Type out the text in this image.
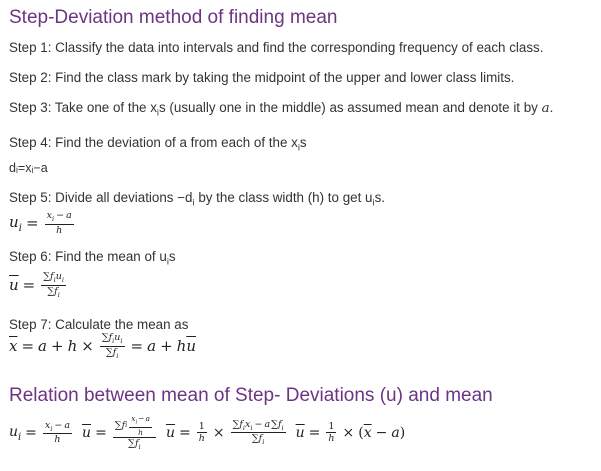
Step-Deviation method of finding mean

Step 1: Classify the data into intervals and find the corresponding frequency of each class.

Step 2: Find the class mark by taking the midpoint of the upper and lower class limits.

Step 3: Take one of the $x_is$ (usually one in the middle) as assumed mean and denote it by a.

Step 4: Find the deviation of a from each of the $x_is$

dᵢ=xᵢ−a

Step 5: Divide all deviations $-d_i$ by the class width (h) to get $u_is$.

$u_i = \frac{x_i - a}{h}$

Step 6: Find the mean of $u_is$

$\overline{u} = \frac{\sum f_iu_i}{\sum f_i}$

Step 7: Calculate the mean as

$\overline{x} = a + h \times \frac{\sum f_iu_i}{\sum f_i} = a + h$ $\overline{u}$
Relation between mean of Step- Deviations (u) and mean
$u_i = \frac{x_i - a}{h} \overline{u} = \frac{\sum f i \frac{x_i-a}{h}}{\sum f_i} \overline{u} = \frac{1}{h} \times \frac{\sum f_ix_i - a\sum f_i}{\sum f_i} \overline{u} = \frac{1}{h}$ × ( $\overline{x} - a$ )
